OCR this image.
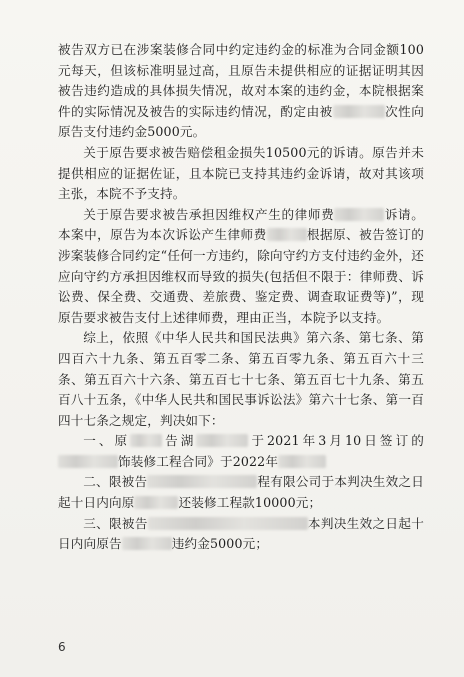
被告双方已在涉案装修合同中约定违约金的标准为合同金额100元每天，但该标准明显过高，且原告未提供相应的证据证明其因被告违约造成的具体损失情况，故对本案的违约金，本院根据案件的实际情况及被告的实际违约情况，酌定由被	次性向原告支付违约金5000元。

关于原告要求被告赔偿租金损失10500元的诉请。原告并未提供相应的证据佐证，且本院已支持其违约金诉请，故对其该项主张，本院不予支持。

关于原告要求被告承担因维权产生的律师费	诉请。本案中，原告为本次诉讼产生律师费	根据原、被告签订的涉案装修合同约定“任何一方违约，除向守约方支付违约金外，还应向守约方承担因维权而导致的损失(包括但不限于：律师费、诉讼费、保全费、交通费、差旅费、鉴定费、调查取证费等)”，现原告要求被告支付上述律师费，理由正当，本院予以支持。

综上，依照《中华人民共和国民法典》第六条、第七条、第四百六十九条、第五百零二条、第五百零九条、第五百六十三条、第五百六十六条、第五百七十七条、第五百七十九条、第五百八十五条，《中华人民共和国民事诉讼法》第六十七条、第一百四十七条之规定，判决如下：

一、原	告湖	于2021年3月10日签订的饰装修工程合同》于2022年

二、限被告	程有限公司于本判决生效之日起十日内向原	还装修工程款10000元；

三、限被告	本判决生效之日起十日内向原告	违约金5000元；

6
